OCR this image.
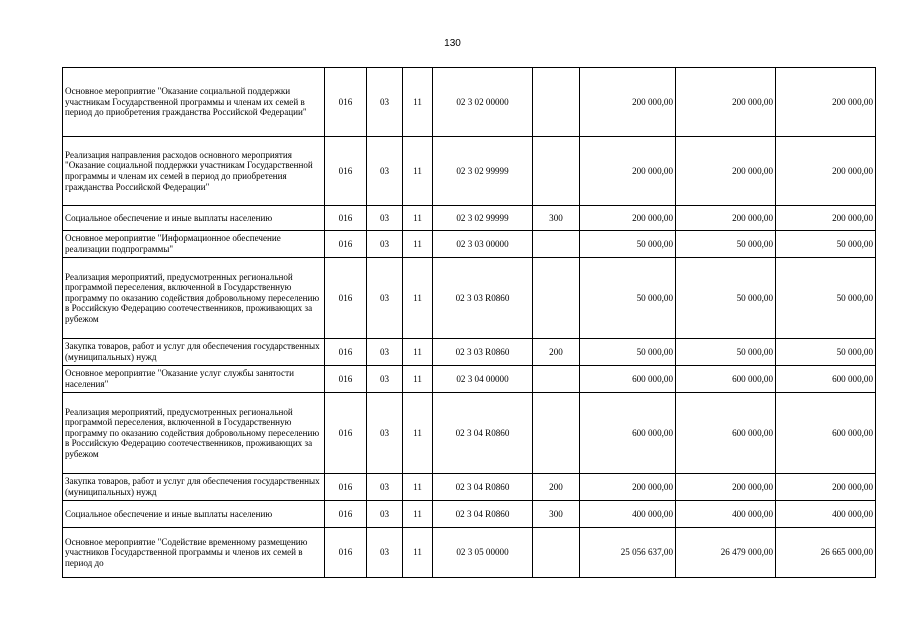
130
Основное мероприятие "Оказание социальной поддержки участникам Государственной программы и членам их семей в период до приобретения гражданства Российской Федерации"	016	03	11	02 3 02 00000		200 000,00	200 000,00	200 000,00
Реализация направления расходов основного мероприятия "Оказание социальной поддержки участникам Государственной программы и членам их семей в период до приобретения гражданства Российской Федерации"	016	03	11	02 3 02 99999		200 000,00	200 000,00	200 000,00
Социальное обеспечение и иные выплаты населению	016	03	11	02 3 02 99999	300	200 000,00	200 000,00	200 000,00
Основное мероприятие "Информационное обеспечение реализации подпрограммы"	016	03	11	02 3 03 00000		50 000,00	50 000,00	50 000,00
Реализация мероприятий, предусмотренных региональной программой переселения, включенной в Государственную программу по оказанию содействия добровольному переселению в Российскую Федерацию соотечественников, проживающих за рубежом	016	03	11	02 3 03 R0860		50 000,00	50 000,00	50 000,00
Закупка товаров, работ и услуг для обеспечения государственных (муниципальных) нужд	016	03	11	02 3 03 R0860	200	50 000,00	50 000,00	50 000,00
Основное мероприятие "Оказание услуг службы занятости населения"	016	03	11	02 3 04 00000		600 000,00	600 000,00	600 000,00
Реализация мероприятий, предусмотренных региональной программой переселения, включенной в Государственную программу по оказанию содействия добровольному переселению в Российскую Федерацию соотечественников, проживающих за рубежом	016	03	11	02 3 04 R0860		600 000,00	600 000,00	600 000,00
Закупка товаров, работ и услуг для обеспечения государственных (муниципальных) нужд	016	03	11	02 3 04 R0860	200	200 000,00	200 000,00	200 000,00
Социальное обеспечение и иные выплаты населению	016	03	11	02 3 04 R0860	300	400 000,00	400 000,00	400 000,00
Основное мероприятие "Содействие временному размещению участников Государственной программы и членов их семей в период до	016	03	11	02 3 05 00000		25 056 637,00	26 479 000,00	26 665 000,00
